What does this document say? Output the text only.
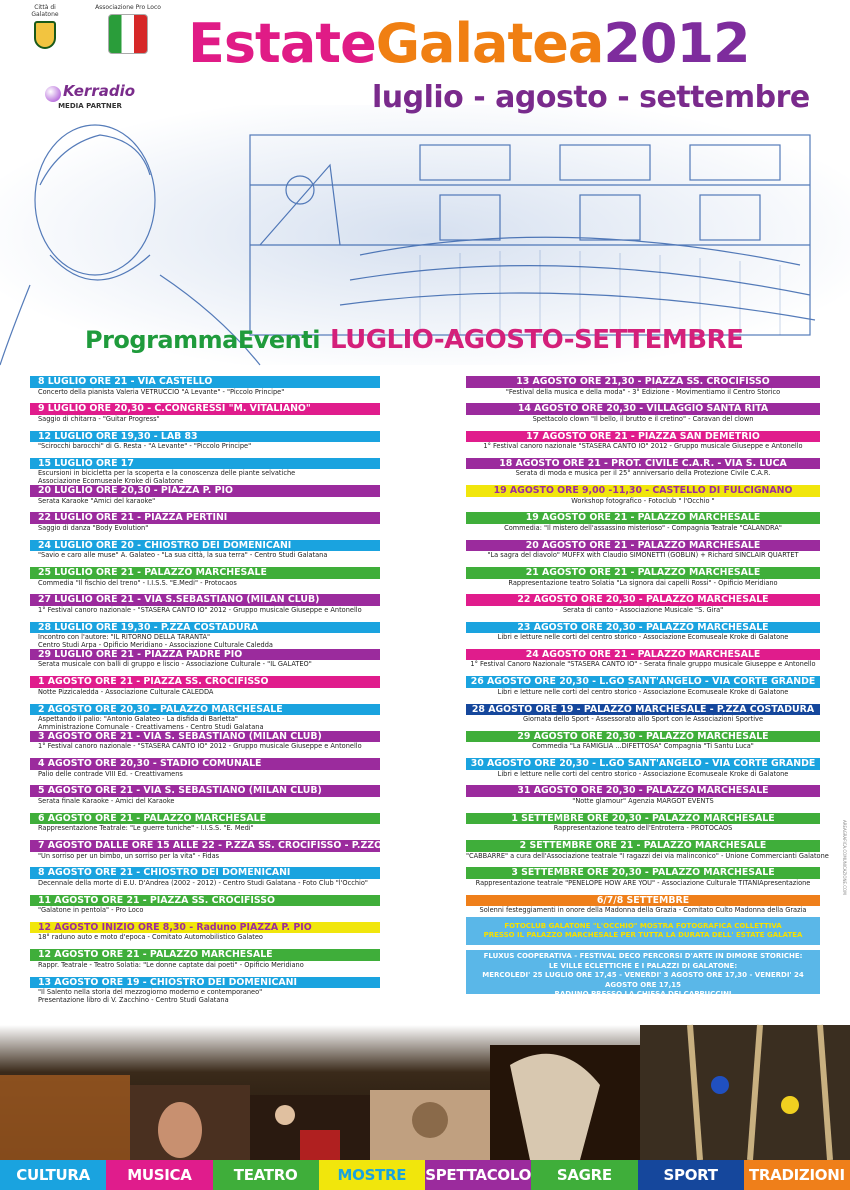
Città di Galatone
Associazione Pro Loco
Kerradio
MEDIA PARTNER
EstateGalatea2012
luglio - agosto - settembre
ProgrammaEventi LUGLIO-AGOSTO-SETTEMBRE
8 LUGLIO ORE 21 - VIA CASTELLO
Concerto della pianista Valeria VETRUCCIO "A Levante" - "Piccolo Principe"
9 LUGLIO ORE 20,30 - C.CONGRESSI "M. VITALIANO"
Saggio di chitarra - "Guitar Progress"
12 LUGLIO ORE 19,30 - LAB 83
"Scirocchi barocchi" di G. Resta - "A Levante" - "Piccolo Principe"
15 LUGLIO ORE 17
Escursioni in bicicletta per la scoperta e la conoscenza delle piante selvatiche
Associazione Ecomuseale Kroke di Galatone
20 LUGLIO ORE 20,30 - PIAZZA P. PIO
Serata Karaoke "Amici del karaoke"
22 LUGLIO ORE 21 - PIAZZA PERTINI
Saggio di danza "Body Evolution"
24 LUGLIO ORE 20 - CHIOSTRO DEI DOMENICANI
"Savio e caro alle muse" A. Galateo - "La sua città, la sua terra" - Centro Studi Galatana
25 LUGLIO ORE 21 - PALAZZO MARCHESALE
Commedia "Il fischio del treno" - I.I.S.S. "E.Medi" - Protocaos
27 LUGLIO ORE 21 - VIA S.SEBASTIANO (MILAN CLUB)
1° Festival canoro nazionale - "STASERA CANTO IO" 2012 - Gruppo musicale Giuseppe e Antonello
28 LUGLIO ORE 19,30 - P.ZZA COSTADURA
Incontro con l'autore: "IL RITORNO DELLA TARANTA"
Centro Studi Arpa - Opificio Meridiano - Associazione Culturale Caledda
29 LUGLIO ORE 21 - PIAZZA PADRE PIO
Serata musicale con balli di gruppo e liscio - Associazione Culturale - "IL GALATEO"
1 AGOSTO ORE 21 - PIAZZA SS. CROCIFISSO
Notte Pizzicaledda - Associazione Culturale CALEDDA
2 AGOSTO ORE 20,30 - PALAZZO MARCHESALE
Aspettando il palio: "Antonio Galateo - La disfida di Barletta"
Amministrazione Comunale - Creattivamens - Centro Studi Galatana
3 AGOSTO ORE 21 - VIA S. SEBASTIANO (MILAN CLUB)
1° Festival canoro nazionale - "STASERA CANTO IO" 2012 - Gruppo musicale Giuseppe e Antonello
4 AGOSTO ORE 20,30 - STADIO COMUNALE
Palio delle contrade VIII Ed. - Creattivamens
5 AGOSTO ORE 21 - VIA S. SEBASTIANO (MILAN CLUB)
Serata finale Karaoke - Amici del Karaoke
6 AGOSTO ORE 21 - PALAZZO MARCHESALE
Rappresentazione Teatrale: "Le guerre tuniche" - I.I.S.S. "E. Medi"
7 AGOSTO DALLE ORE 15 ALLE 22 - P.ZZA SS. CROCIFISSO - P.ZZO MARCHESALE
"Un sorriso per un bimbo, un sorriso per la vita" - Fidas
8 AGOSTO ORE 21 - CHIOSTRO DEI DOMENICANI
Decennale della morte di E.U. D'Andrea (2002 - 2012) - Centro Studi Galatana - Foto Club "l'Occhio"
11 AGOSTO ORE 21 - PIAZZA SS. CROCIFISSO
"Galatone in pentola" - Pro Loco
12 AGOSTO INIZIO ORE 8,30 - Raduno PIAZZA P. PIO
18° raduno auto e moto d'epoca - Comitato Automobilistico Galateo
12 AGOSTO ORE 21 - PALAZZO MARCHESALE
Rappr. Teatrale - Teatro Solatia: "Le donne captate dai poeti" - Opificio Meridiano
13 AGOSTO ORE 19 - CHIOSTRO DEI DOMENICANI
"Il Salento nella storia del mezzogiorno moderno e contemporaneo"
Presentazione libro di V. Zacchino - Centro Studi Galatana
13 AGOSTO ORE 21,30 - PIAZZA SS. CROCIFISSO
"Festival della musica e della moda" - 3° Edizione - Movimentiamo il Centro Storico
14 AGOSTO ORE 20,30 - VILLAGGIO SANTA RITA
Spettacolo clown "Il bello, il brutto e il cretino" - Caravan del clown
17 AGOSTO ORE 21 - PIAZZA SAN DEMETRIO
1° Festival canoro nazionale "STASERA CANTO IO" 2012 - Gruppo musicale Giuseppe e Antonello
18 AGOSTO ORE 21 - PROT. CIVILE C.A.R. - VIA S. LUCA
Serata di moda e musica per il 25° anniversario della Protezione Civile C.A.R.
19 AGOSTO ORE 9,00 -11,30 - CASTELLO DI FULCIGNANO
Workshop fotografico - Fotoclub " l'Occhio "
19 AGOSTO ORE 21 - PALAZZO MARCHESALE
Commedia: "Il mistero dell'assassino misterioso" - Compagnia Teatrale "CALANDRA"
20 AGOSTO ORE 21 - PALAZZO MARCHESALE
"La sagra del diavolo" MUFFX with Claudio SIMONETTI (GOBLIN) + Richard SINCLAIR QUARTET
21 AGOSTO ORE 21 - PALAZZO MARCHESALE
Rappresentazione teatro Solatia "La signora dai capelli Rossi" - Opificio Meridiano
22 AGOSTO ORE 20,30 - PALAZZO MARCHESALE
Serata di canto - Associazione Musicale "S. Gira"
23 AGOSTO ORE 20,30 - PALAZZO MARCHESALE
Libri e letture nelle corti del centro storico - Associazione Ecomuseale Kroke di Galatone
24 AGOSTO ORE 21 - PALAZZO MARCHESALE
1° Festival Canoro Nazionale "STASERA CANTO IO" - Serata finale gruppo musicale Giuseppe e Antonello
26 AGOSTO ORE 20,30 - L.GO SANT'ANGELO - VIA CORTE GRANDE
Libri e letture nelle corti del centro storico - Associazione Ecomuseale Kroke di Galatone
28 AGOSTO ORE 19 - PALAZZO MARCHESALE - P.ZZA COSTADURA
Giornata dello Sport - Assessorato allo Sport con le Associazioni Sportive
29 AGOSTO ORE 20,30 - PALAZZO MARCHESALE
Commedia "La FAMIGLIA ...DIFETTOSA" Compagnia "Ti Santu Luca"
30 AGOSTO ORE 20,30 - L.GO SANT'ANGELO - VIA CORTE GRANDE
Libri e letture nelle corti del centro storico - Associazione Ecomuseale Kroke di Galatone
31 AGOSTO ORE 20,30 - PALAZZO MARCHESALE
"Notte glamour" Agenzia MARGOT EVENTS
1 SETTEMBRE ORE 20,30 - PALAZZO MARCHESALE
Rappresentazione teatro dell'Entroterra - PROTOCAOS
2 SETTEMBRE ORE 21 - PALAZZO MARCHESALE
"CABBARRE" a cura dell'Associazione teatrale "I ragazzi dei via malinconico" - Unione Commercianti Galatone
3 SETTEMBRE ORE 20,30 - PALAZZO MARCHESALE
Rappresentazione teatrale "PENELOPE HOW ARE YOU" - Associazione Culturale TITANIApresentazione
6/7/8 SETTEMBRE
Solenni festeggiamenti in onore della Madonna della Grazia - Comitato Culto Madonna della Grazia
FOTOCLUB GALATONE "L'OCCHIO" MOSTRA FOTOGRAFICA COLLETTIVA
PRESSO IL PALAZZO MARCHESALE PER TUTTA LA DURATA DELL' ESTATE GALATEA
FLUXUS COOPERATIVA - FESTIVAL DECO PERCORSI D'ARTE IN DIMORE STORICHE:
LE VILLE ECLETTICHE E I PALAZZI DI GALATONE:
MERCOLEDI' 25 LUGLIO ORE 17,45 - VENERDI' 3 AGOSTO ORE 17,30 - VENERDI' 24 AGOSTO ORE 17,15
RADUNO PRESSO LA CHIESA DEI CAPPUCCINI
AREAGRAFICA.COMUNICAZIONE.COM
CULTURA	MUSICA	TEATRO	MOSTRE	SPETTACOLO	SAGRE	SPORT	TRADIZIONI
